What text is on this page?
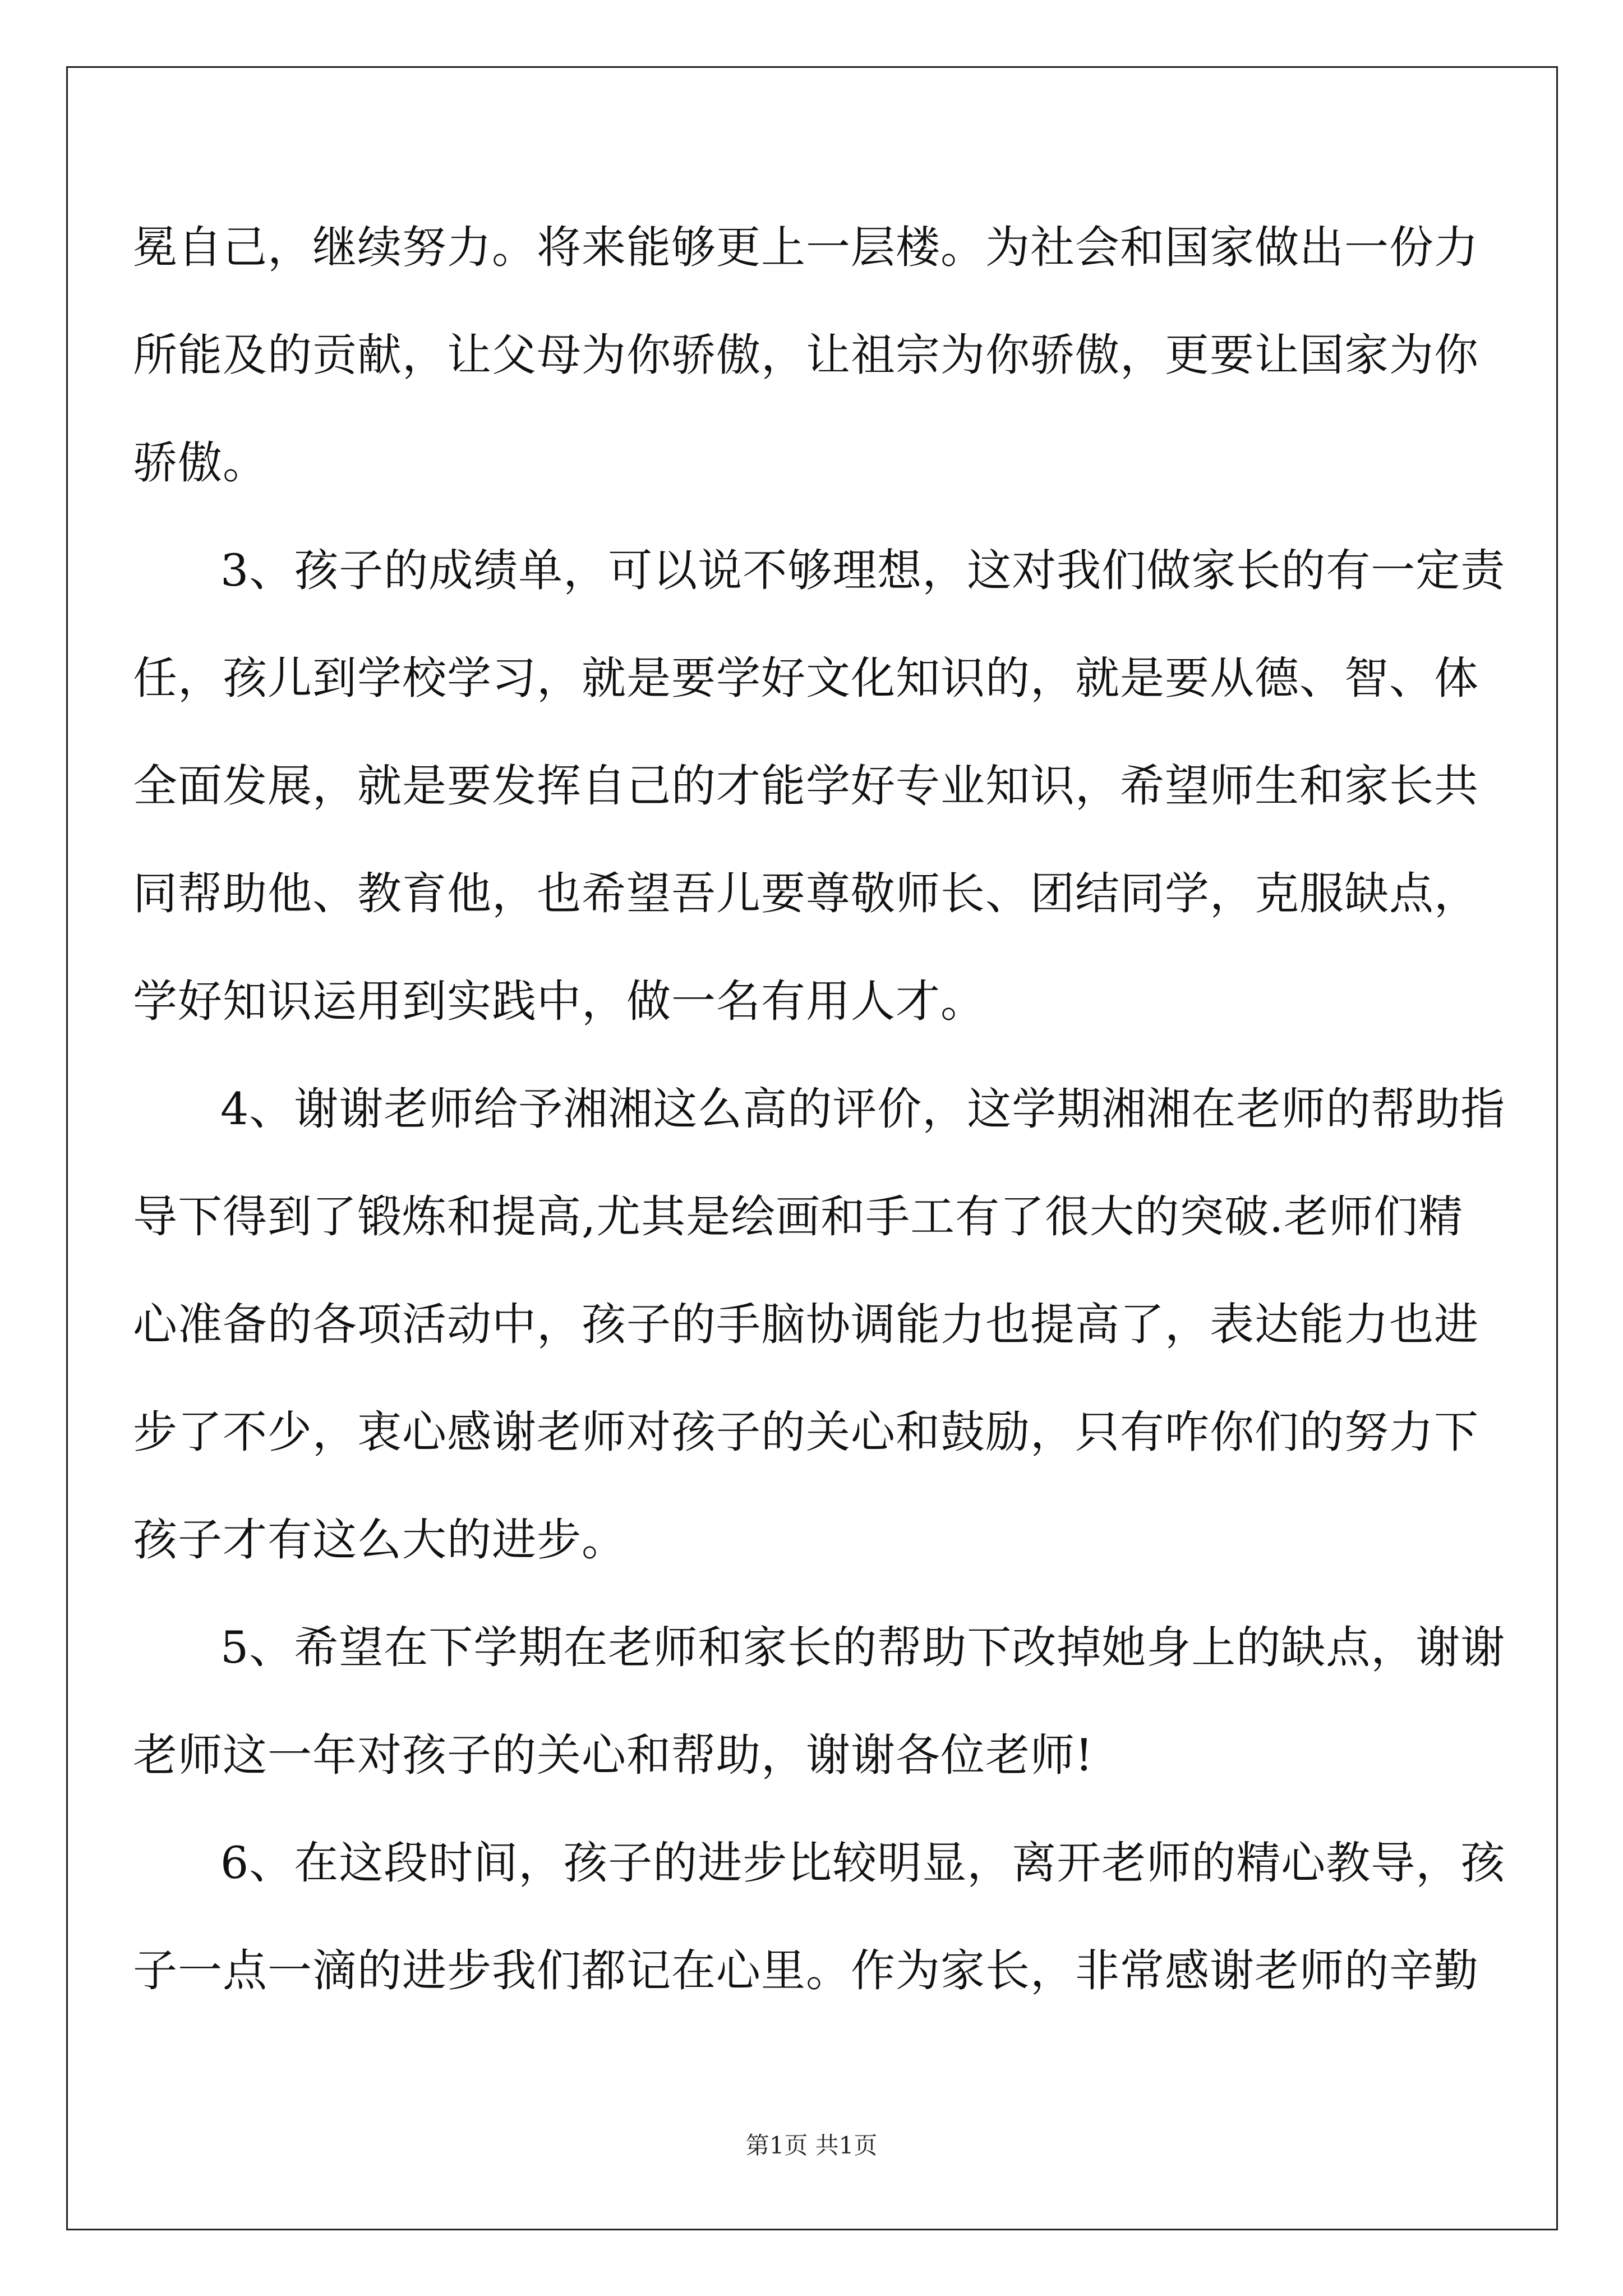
冕自己，继续努力。将来能够更上一层楼。为社会和国家做出一份力
所能及的贡献，让父母为你骄傲，让祖宗为你骄傲，更要让国家为你
骄傲。
3、孩子的成绩单，可以说不够理想，这对我们做家长的有一定责
任，孩儿到学校学习，就是要学好文化知识的，就是要从德、智、体
全面发展，就是要发挥自己的才能学好专业知识，希望师生和家长共
同帮助他、教育他，也希望吾儿要尊敬师长、团结同学，克服缺点，
学好知识运用到实践中，做一名有用人才。
4、谢谢老师给予湘湘这么高的评价，这学期湘湘在老师的帮助指
导下得到了锻炼和提高,尤其是绘画和手工有了很大的突破.老师们精
心准备的各项活动中，孩子的手脑协调能力也提高了，表达能力也进
步了不少，衷心感谢老师对孩子的关心和鼓励，只有咋你们的努力下
孩子才有这么大的进步。
5、希望在下学期在老师和家长的帮助下改掉她身上的缺点，谢谢
老师这一年对孩子的关心和帮助，谢谢各位老师!
6、在这段时间，孩子的进步比较明显，离开老师的精心教导，孩
子一点一滴的进步我们都记在心里。作为家长，非常感谢老师的辛勤
第1页 共1页
